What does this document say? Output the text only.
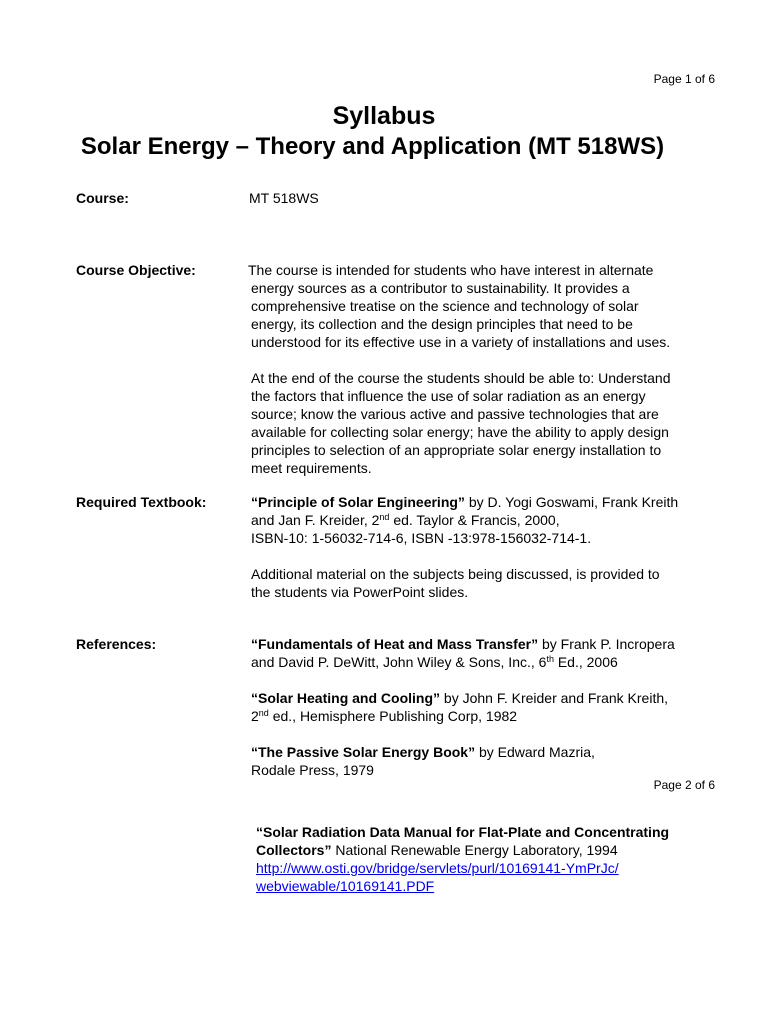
Page 1 of 6
Syllabus
Solar Energy – Theory and Application (MT 518WS)
Course:	MT 518WS
Course Objective:	The course is intended for students who have interest in alternate
energy sources as a contributor to sustainability. It provides a
comprehensive treatise on the science and technology of solar
energy, its collection and the design principles that need to be
understood for its effective use in a variety of installations and uses.
At the end of the course the students should be able to: Understand
the factors that influence the use of solar radiation as an energy
source; know the various active and passive technologies that are
available for collecting solar energy; have the ability to apply design
principles to selection of an appropriate solar energy installation to
meet requirements.
Required Textbook:	“Principle of Solar Engineering” by D. Yogi Goswami, Frank Kreith
and Jan F. Kreider, 2nd ed. Taylor & Francis, 2000,
ISBN-10: 1-56032-714-6, ISBN -13:978-156032-714-1.
Additional material on the subjects being discussed, is provided to
the students via PowerPoint slides.
References:	“Fundamentals of Heat and Mass Transfer” by Frank P. Incropera
and David P. DeWitt, John Wiley & Sons, Inc., 6th Ed., 2006
“Solar Heating and Cooling” by John F. Kreider and Frank Kreith,
2nd ed., Hemisphere Publishing Corp, 1982
“The Passive Solar Energy Book” by Edward Mazria,
Rodale Press, 1979
Page 2 of 6
“Solar Radiation Data Manual for Flat-Plate and Concentrating
Collectors” National Renewable Energy Laboratory, 1994
http://www.osti.gov/bridge/servlets/purl/10169141-YmPrJc/
webviewable/10169141.PDF
